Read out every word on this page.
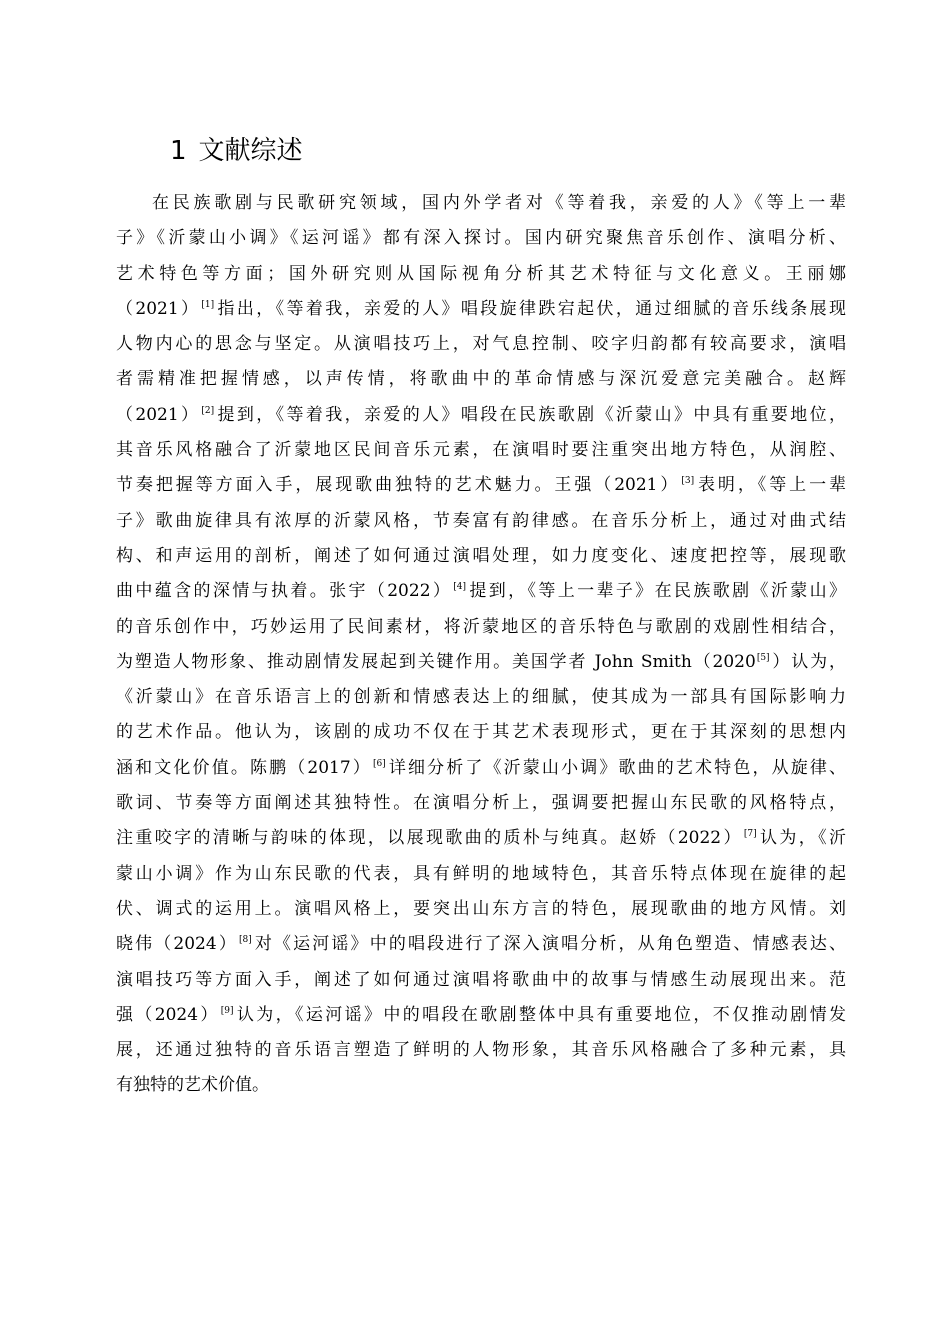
1 文献综述
在民族歌剧与民歌研究领域，国内外学者对《等着我，亲爱的人》《等上一辈
子》《沂蒙山小调》《运河谣》都有深入探讨。国内研究聚焦音乐创作、演唱分析、
艺术特色等方面；国外研究则从国际视角分析其艺术特征与文化意义。王丽娜
（2021）[1]指出，《等着我，亲爱的人》唱段旋律跌宕起伏，通过细腻的音乐线条展现
人物内心的思念与坚定。从演唱技巧上，对气息控制、咬字归韵都有较高要求，演唱
者需精准把握情感，以声传情，将歌曲中的革命情感与深沉爱意完美融合。赵辉
（2021）[2]提到，《等着我，亲爱的人》唱段在民族歌剧《沂蒙山》中具有重要地位，
其音乐风格融合了沂蒙地区民间音乐元素，在演唱时要注重突出地方特色，从润腔、
节奏把握等方面入手，展现歌曲独特的艺术魅力。王强（2021）[3]表明，《等上一辈
子》歌曲旋律具有浓厚的沂蒙风格，节奏富有韵律感。在音乐分析上，通过对曲式结
构、和声运用的剖析，阐述了如何通过演唱处理，如力度变化、速度把控等，展现歌
曲中蕴含的深情与执着。张宇（2022）[4]提到，《等上一辈子》在民族歌剧《沂蒙山》
的音乐创作中，巧妙运用了民间素材，将沂蒙地区的音乐特色与歌剧的戏剧性相结合，
为塑造人物形象、推动剧情发展起到关键作用。美国学者 John Smith（2020[5]）认为，
《沂蒙山》在音乐语言上的创新和情感表达上的细腻，使其成为一部具有国际影响力
的艺术作品。他认为，该剧的成功不仅在于其艺术表现形式，更在于其深刻的思想内
涵和文化价值。陈鹏（2017）[6]详细分析了《沂蒙山小调》歌曲的艺术特色，从旋律、
歌词、节奏等方面阐述其独特性。在演唱分析上，强调要把握山东民歌的风格特点，
注重咬字的清晰与韵味的体现，以展现歌曲的质朴与纯真。赵娇（2022）[7]认为，《沂
蒙山小调》作为山东民歌的代表，具有鲜明的地域特色，其音乐特点体现在旋律的起
伏、调式的运用上。演唱风格上，要突出山东方言的特色，展现歌曲的地方风情。刘
晓伟（2024）[8]对《运河谣》中的唱段进行了深入演唱分析，从角色塑造、情感表达、
演唱技巧等方面入手，阐述了如何通过演唱将歌曲中的故事与情感生动展现出来。范
强（2024）[9]认为，《运河谣》中的唱段在歌剧整体中具有重要地位，不仅推动剧情发
展，还通过独特的音乐语言塑造了鲜明的人物形象，其音乐风格融合了多种元素，具
有独特的艺术价值。
